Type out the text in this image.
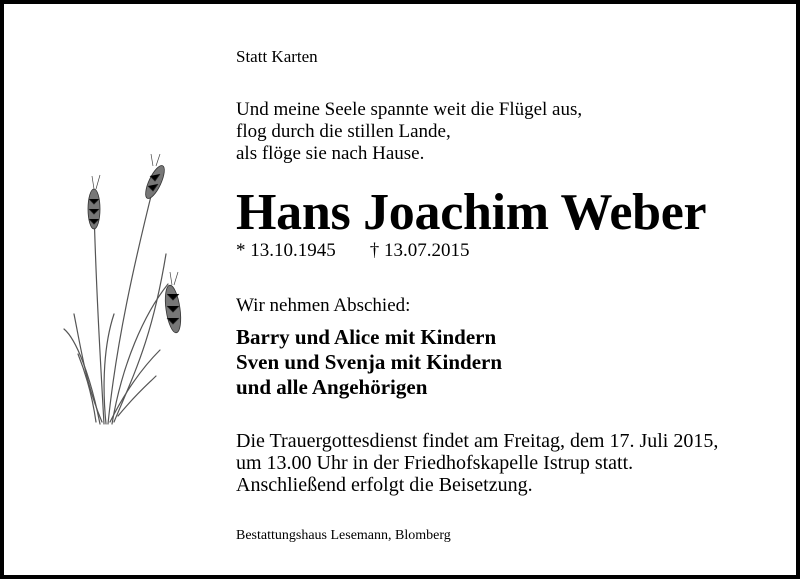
Statt Karten
Und meine Seele spannte weit die Flügel aus,
flog durch die stillen Lande,
als flöge sie nach Hause.
Hans Joachim Weber
* 13.10.1945 † 13.07.2015
Wir nehmen Abschied:
Barry und Alice mit Kindern
Sven und Svenja mit Kindern
und alle Angehörigen
Die Trauergottesdienst findet am Freitag, dem 17. Juli 2015,
um 13.00 Uhr in der Friedhofskapelle Istrup statt.
Anschließend erfolgt die Beisetzung.
Bestattungshaus Lesemann, Blomberg
